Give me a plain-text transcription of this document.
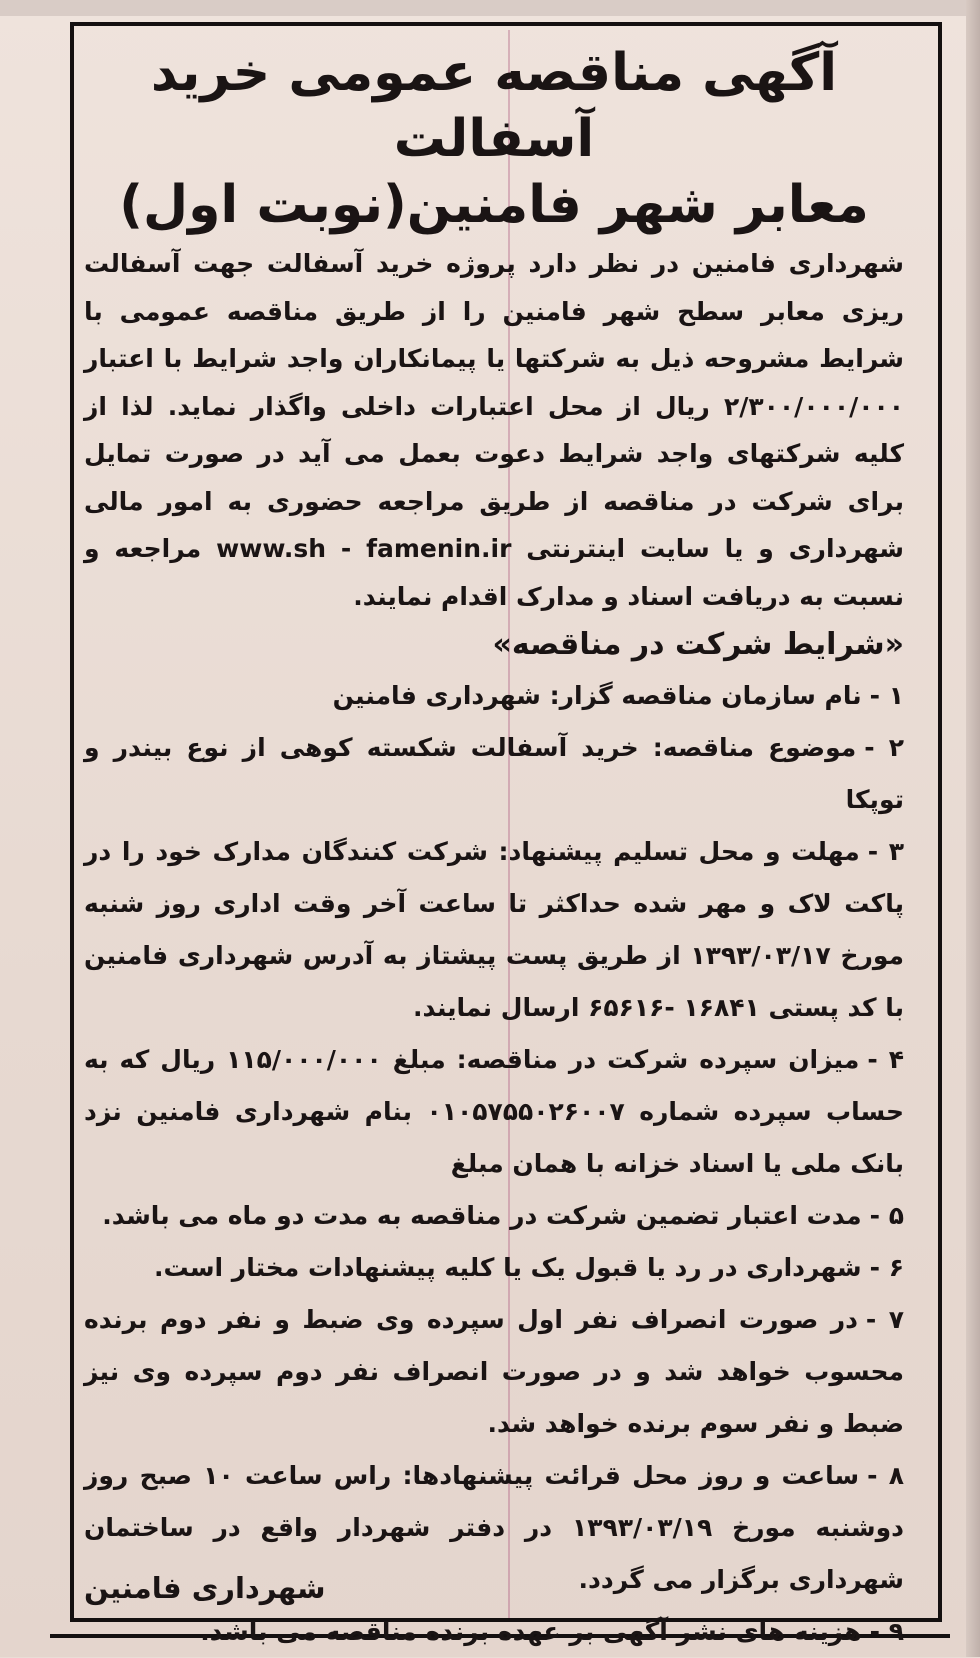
آگهی مناقصه عمومی خرید آسفالت
معابر شهر فامنین(نوبت اول)

شهرداری فامنین در نظر دارد پروژه خرید آسفالت جهت آسفالت ریزی معابر سطح شهر فامنین را از طریق مناقصه عمومی با شرایط مشروحه ذیل به شرکتها یا پیمانکاران واجد شرایط با اعتبار ۲/۳۰۰/۰۰۰/۰۰۰ ریال از محل اعتبارات داخلی واگذار نماید. لذا از کلیه شرکتهای واجد شرایط دعوت بعمل می آید در صورت تمایل برای شرکت در مناقصه از طریق مراجعه حضوری به امور مالی شهرداری و یا سایت اینترنتی www.sh - famenin.ir مراجعه و نسبت به دریافت اسناد و مدارک اقدام نمایند.

«شرایط شرکت در مناقصه»

۱ -نام سازمان مناقصه گزار: شهرداری فامنین

۲ -موضوع مناقصه: خرید آسفالت شکسته کوهی از نوع بیندر و توپکا

۳ -مهلت و محل تسلیم پیشنهاد: شرکت کنندگان مدارک خود را در پاکت لاک و مهر شده حداکثر تا ساعت آخر وقت اداری روز شنبه مورخ ۱۳۹۳/۰۳/۱۷ از طریق پست پیشتاز به آدرس شهرداری فامنین با کد پستی ۱۶۸۴۱ -۶۵۶۱۶ ارسال نمایند.

۴ -میزان سپرده شرکت در مناقصه: مبلغ ۱۱۵/۰۰۰/۰۰۰ ریال که به حساب سپرده شماره ۰۱۰۵۷۵۵۰۲۶۰۰۷ بنام شهرداری فامنین نزد بانک ملی یا اسناد خزانه با همان مبلغ

۵ -مدت اعتبار تضمین شرکت در مناقصه به مدت دو ماه می باشد.

۶ -شهرداری در رد یا قبول یک یا کلیه پیشنهادات مختار است.

۷ -در صورت انصراف نفر اول سپرده وی ضبط و نفر دوم برنده محسوب خواهد شد و در صورت انصراف نفر دوم سپرده وی نیز ضبط و نفر سوم برنده خواهد شد.

۸ -ساعت و روز محل قرائت پیشنهادها: راس ساعت ۱۰ صبح روز دوشنبه مورخ ۱۳۹۳/۰۳/۱۹ در دفتر شهردار واقع در ساختمان شهرداری برگزار می گردد.

۹ -هزینه های نشر آگهی بر عهده برنده مناقصه می باشد.

شهرداری فامنین
